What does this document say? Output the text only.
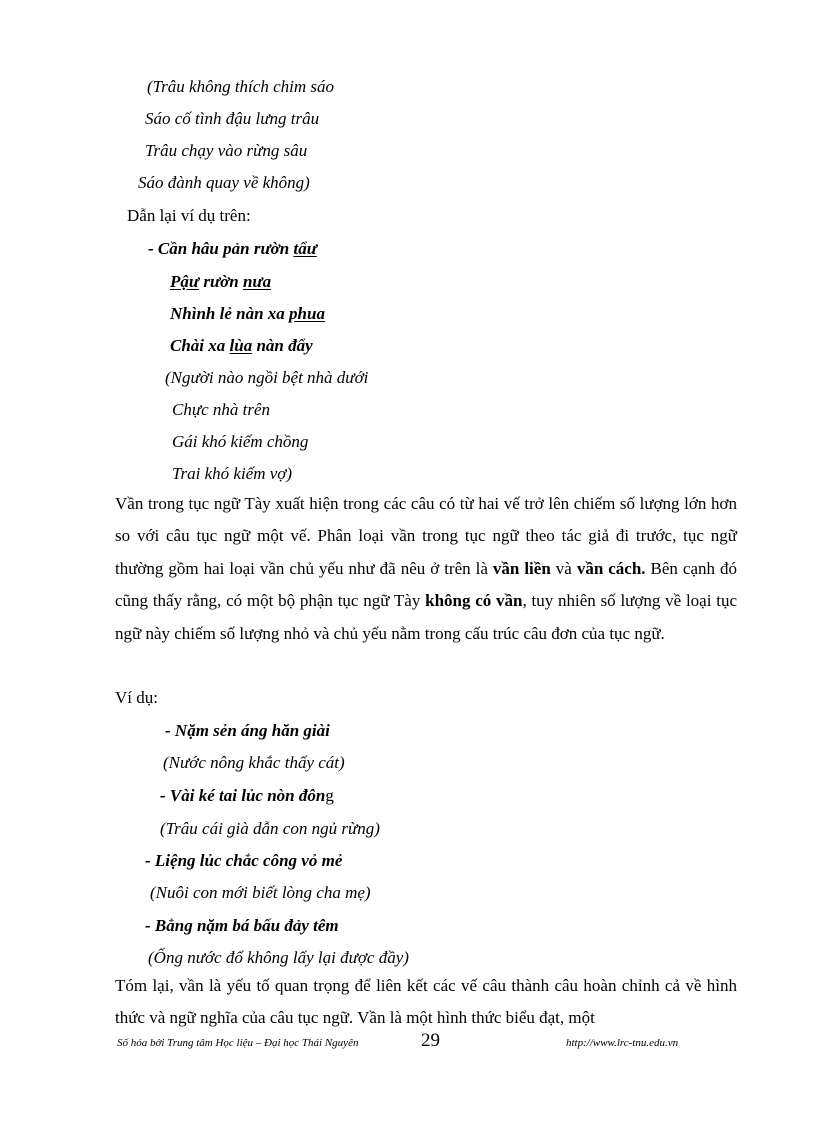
(Trâu không thích chim sáo
Sáo cố tình đậu lưng trâu
Trâu chạy vào rừng sâu
Sáo đành quay về không)
Dẫn lại ví dụ trên:
- Cần hâu pản rườn tẩư
Pậư rườn nưa
Nhình lẻ nàn xa phua
Chài xa lùa nàn đẩy
(Người nào ngồi bệt nhà dưới
Chực nhà trên
Gái khó kiếm chồng
Trai khó kiếm vợ)
Vần trong tục ngữ Tày xuất hiện trong các câu có từ hai vế trở lên chiếm số lượng lớn hơn so với câu tục ngữ một vế. Phân loại vần trong tục ngữ theo tác giả đi trước, tục ngữ thường gồm hai loại vần chủ yếu như đã nêu ở trên là vần liền và vần cách. Bên cạnh đó cũng thấy rằng, có một bộ phận tục ngữ Tày không có vần, tuy nhiên số lượng về loại tục ngữ này chiếm số lượng nhỏ và chủ yếu nằm trong cấu trúc câu đơn của tục ngữ.
Ví dụ:
- Nặm sẻn áng hăn giài
(Nước nông khắc thấy cát)
- Vài ké tai lủc nòn đông
(Trâu cái già dẫn con ngủ rừng)
- Liệng lủc chắc công vỏ mẻ
(Nuôi con mới biết lòng cha mẹ)
- Bẳng nặm bá bấu đảy têm
(Ống nước đổ không lấy lại được đầy)
Tóm lại, vần là yếu tố quan trọng để liên kết các vế câu thành câu hoàn chỉnh cả về hình thức và ngữ nghĩa của câu tục ngữ. Vần là một hình thức biểu đạt, một
Số hóa bởi Trung tâm Học liệu – Đại học Thái Nguyên	29	http://www.lrc-tnu.edu.vn
